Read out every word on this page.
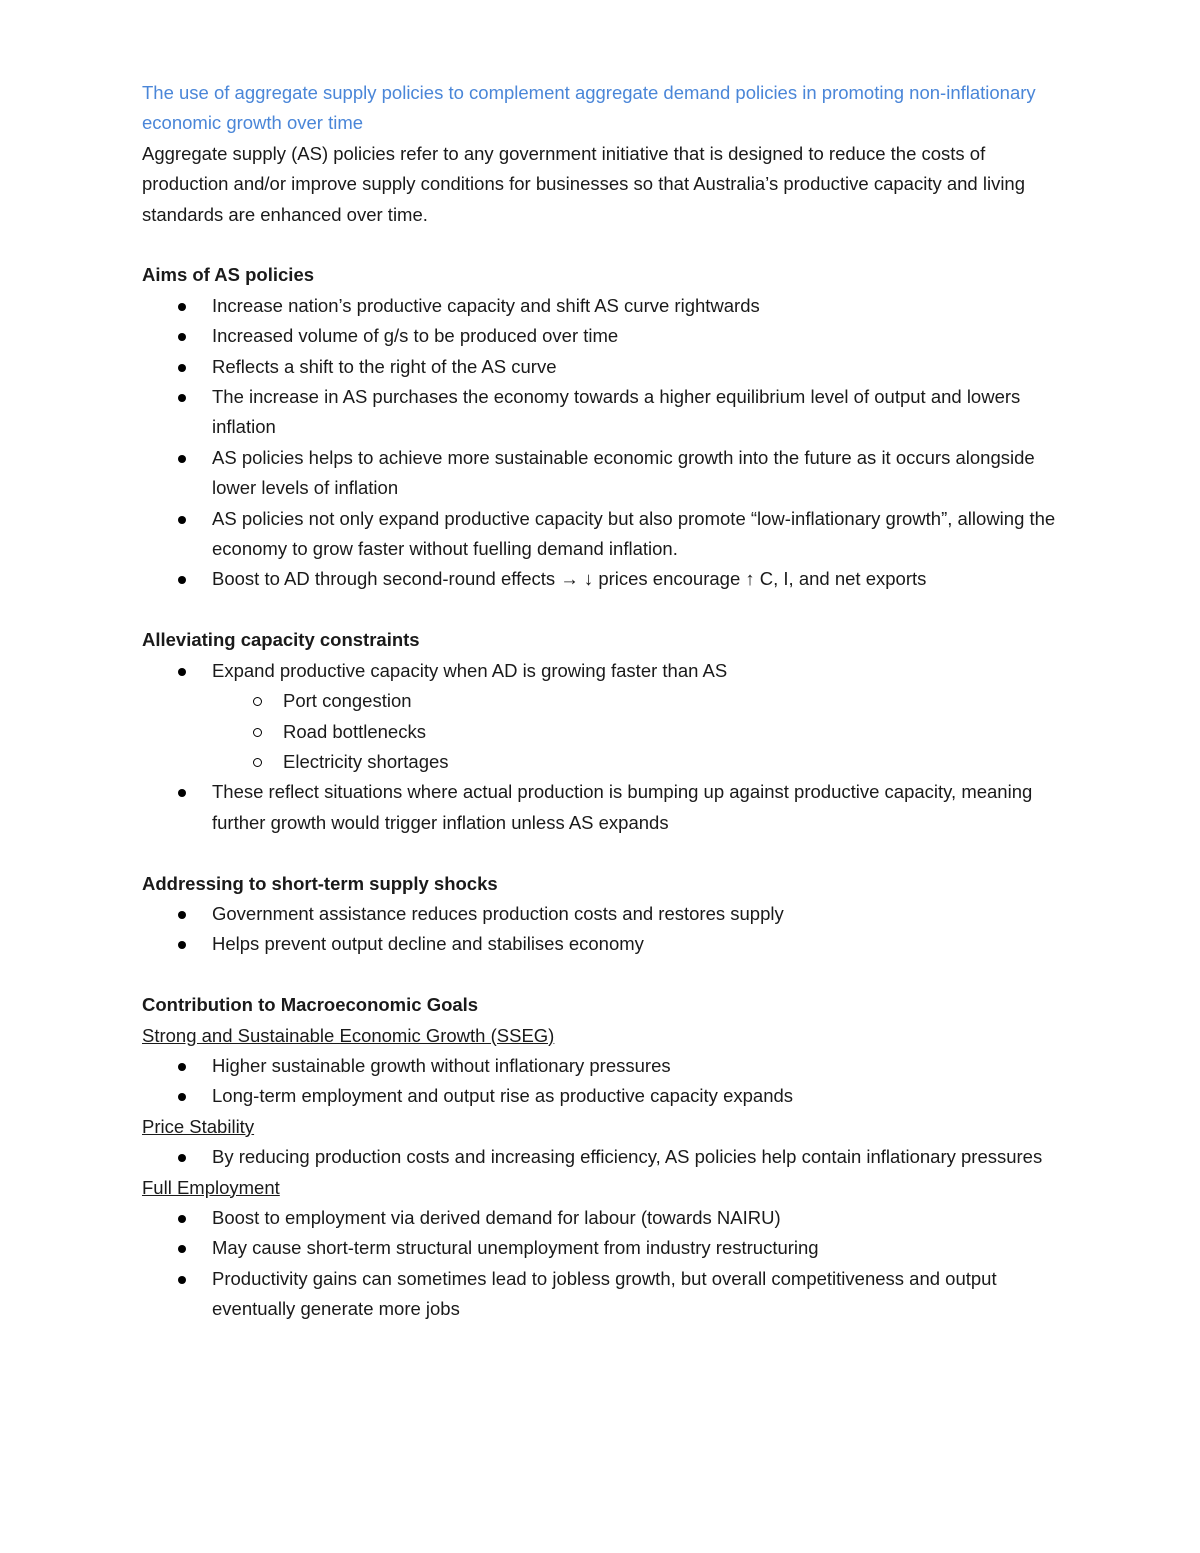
The use of aggregate supply policies to complement aggregate demand policies in promoting non-inflationary economic growth over time

Aggregate supply (AS) policies refer to any government initiative that is designed to reduce the costs of production and/or improve supply conditions for businesses so that Australia’s productive capacity and living standards are enhanced over time.

Aims of AS policies

Increase nation’s productive capacity and shift AS curve rightwards
Increased volume of g/s to be produced over time
Reflects a shift to the right of the AS curve
The increase in AS purchases the economy towards a higher equilibrium level of output and lowers inflation
AS policies helps to achieve more sustainable economic growth into the future as it occurs alongside lower levels of inflation
AS policies not only expand productive capacity but also promote “low-inflationary growth”, allowing the economy to grow faster without fuelling demand inflation.
Boost to AD through second-round effects → ↓ prices encourage ↑ C, I, and net exports

Alleviating capacity constraints

Expand productive capacity when AD is growing faster than AS
Port congestion
Road bottlenecks
Electricity shortages
These reflect situations where actual production is bumping up against productive capacity, meaning further growth would trigger inflation unless AS expands

Addressing to short-term supply shocks

Government assistance reduces production costs and restores supply
Helps prevent output decline and stabilises economy

Contribution to Macroeconomic Goals

Strong and Sustainable Economic Growth (SSEG)

Higher sustainable growth without inflationary pressures
Long-term employment and output rise as productive capacity expands

Price Stability

By reducing production costs and increasing efficiency, AS policies help contain inflationary pressures

Full Employment

Boost to employment via derived demand for labour (towards NAIRU)
May cause short-term structural unemployment from industry restructuring
Productivity gains can sometimes lead to jobless growth, but overall competitiveness and output eventually generate more jobs
